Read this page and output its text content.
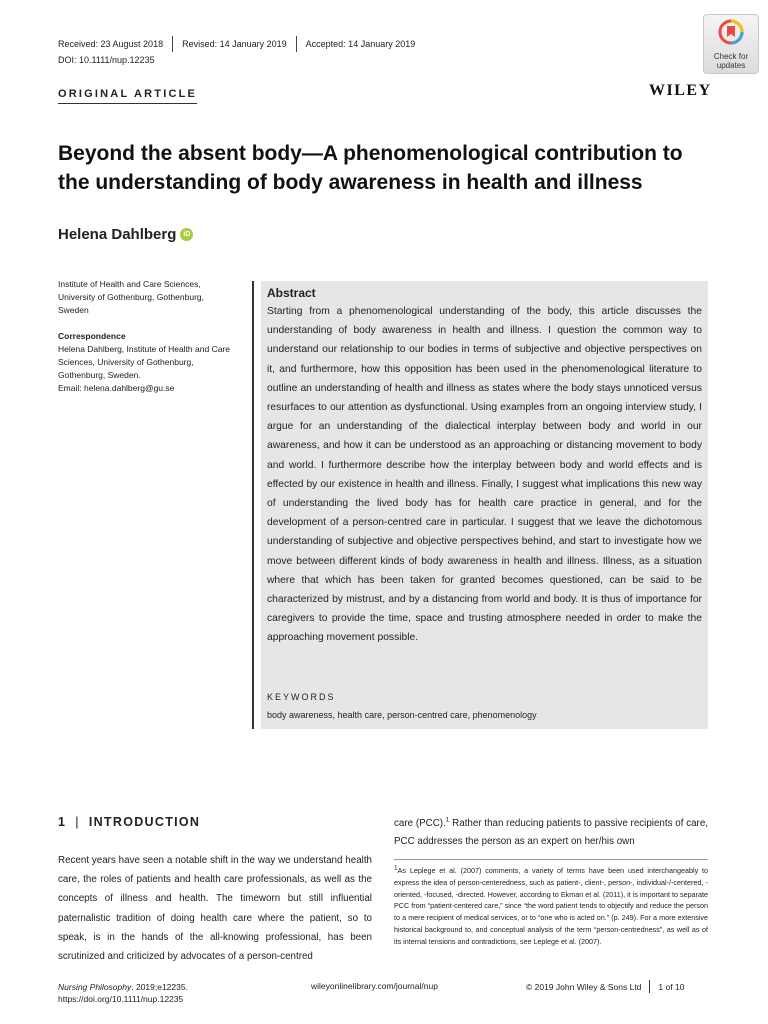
Received: 23 August 2018 Revised: 14 January 2019 Accepted: 14 January 2019
DOI: 10.1111/nup.12235	Check for
updates
ORIGINAL ARTICLE	WILEY
Beyond the absent body—A phenomenological contribution to the understanding of body awareness in health and illness
Helena Dahlberg	iD
Institute of Health and Care Sciences, University of Gothenburg, Gothenburg, Sweden
Correspondence
Helena Dahlberg, Institute of Health and Care Sciences, University of Gothenburg, Gothenburg, Sweden.
Email: helena.dahlberg@gu.se
Abstract
Starting from a phenomenological understanding of the body, this article discusses the understanding of body awareness in health and illness. I question the common way to understand our relationship to our bodies in terms of subjective and objective perspectives on it, and furthermore, how this opposition has been used in the phenomenological literature to outline an understanding of health and illness as states where the body stays unnoticed versus resurfaces to our attention as dysfunctional. Using examples from an ongoing interview study, I argue for an understanding of the dialectical interplay between body and world in our awareness, and how it can be understood as an approaching or distancing movement to body and world. I furthermore describe how the interplay between body and world effects and is effected by our existence in health and illness. Finally, I suggest what implications this new way of understanding the lived body has for health care practice in general, and for the development of a person-centred care in particular. I suggest that we leave the dichotomous understanding of subjective and objective perspectives behind, and start to investigate how we move between different kinds of body awareness in health and illness. Illness, as a situation where that which has been taken for granted becomes questioned, can be said to be characterized by mistrust, and by a distancing from world and body. It is thus of importance for caregivers to provide the time, space and trusting atmosphere needed in order to make the approaching movement possible.
KEYWORDS
body awareness, health care, person-centred care, phenomenology
1 | INTRODUCTION
Recent years have seen a notable shift in the way we understand health care, the roles of patients and health care professionals, as well as the concepts of illness and health. The timeworn but still influential paternalistic tradition of doing health care where the patient, so to speak, is in the hands of the all-knowing professional, has been scrutinized and criticized by advocates of a person-centred
care (PCC).$^1$ Rather than reducing patients to passive recipients of care, PCC addresses the person as an expert on her/his own
$^1$As Leplege et al. (2007) comments, a variety of terms have been used interchangeably to express the idea of person-centeredness, such as patient-, client-, person-, individual-/-centered, -oriented, -focused, -directed. However, according to Ekman et al. (2011), it is important to separate PCC from “patient-centered care,” since “the word patient tends to objectify and reduce the person to a mere recipient of medical services, or to “one who is acted on.” (p. 249). For a more extensive historical background to, and conceptual analysis of the term “person-centredness”, as well as of its internal tensions and contradictions, see Leplege et al. (2007).
Nursing Philosophy. 2019;e12235.
https://doi.org/10.1111/nup.12235
wileyonlinelibrary.com/journal/nup	© 2019 John Wiley & Sons Ltd 1 of 10
